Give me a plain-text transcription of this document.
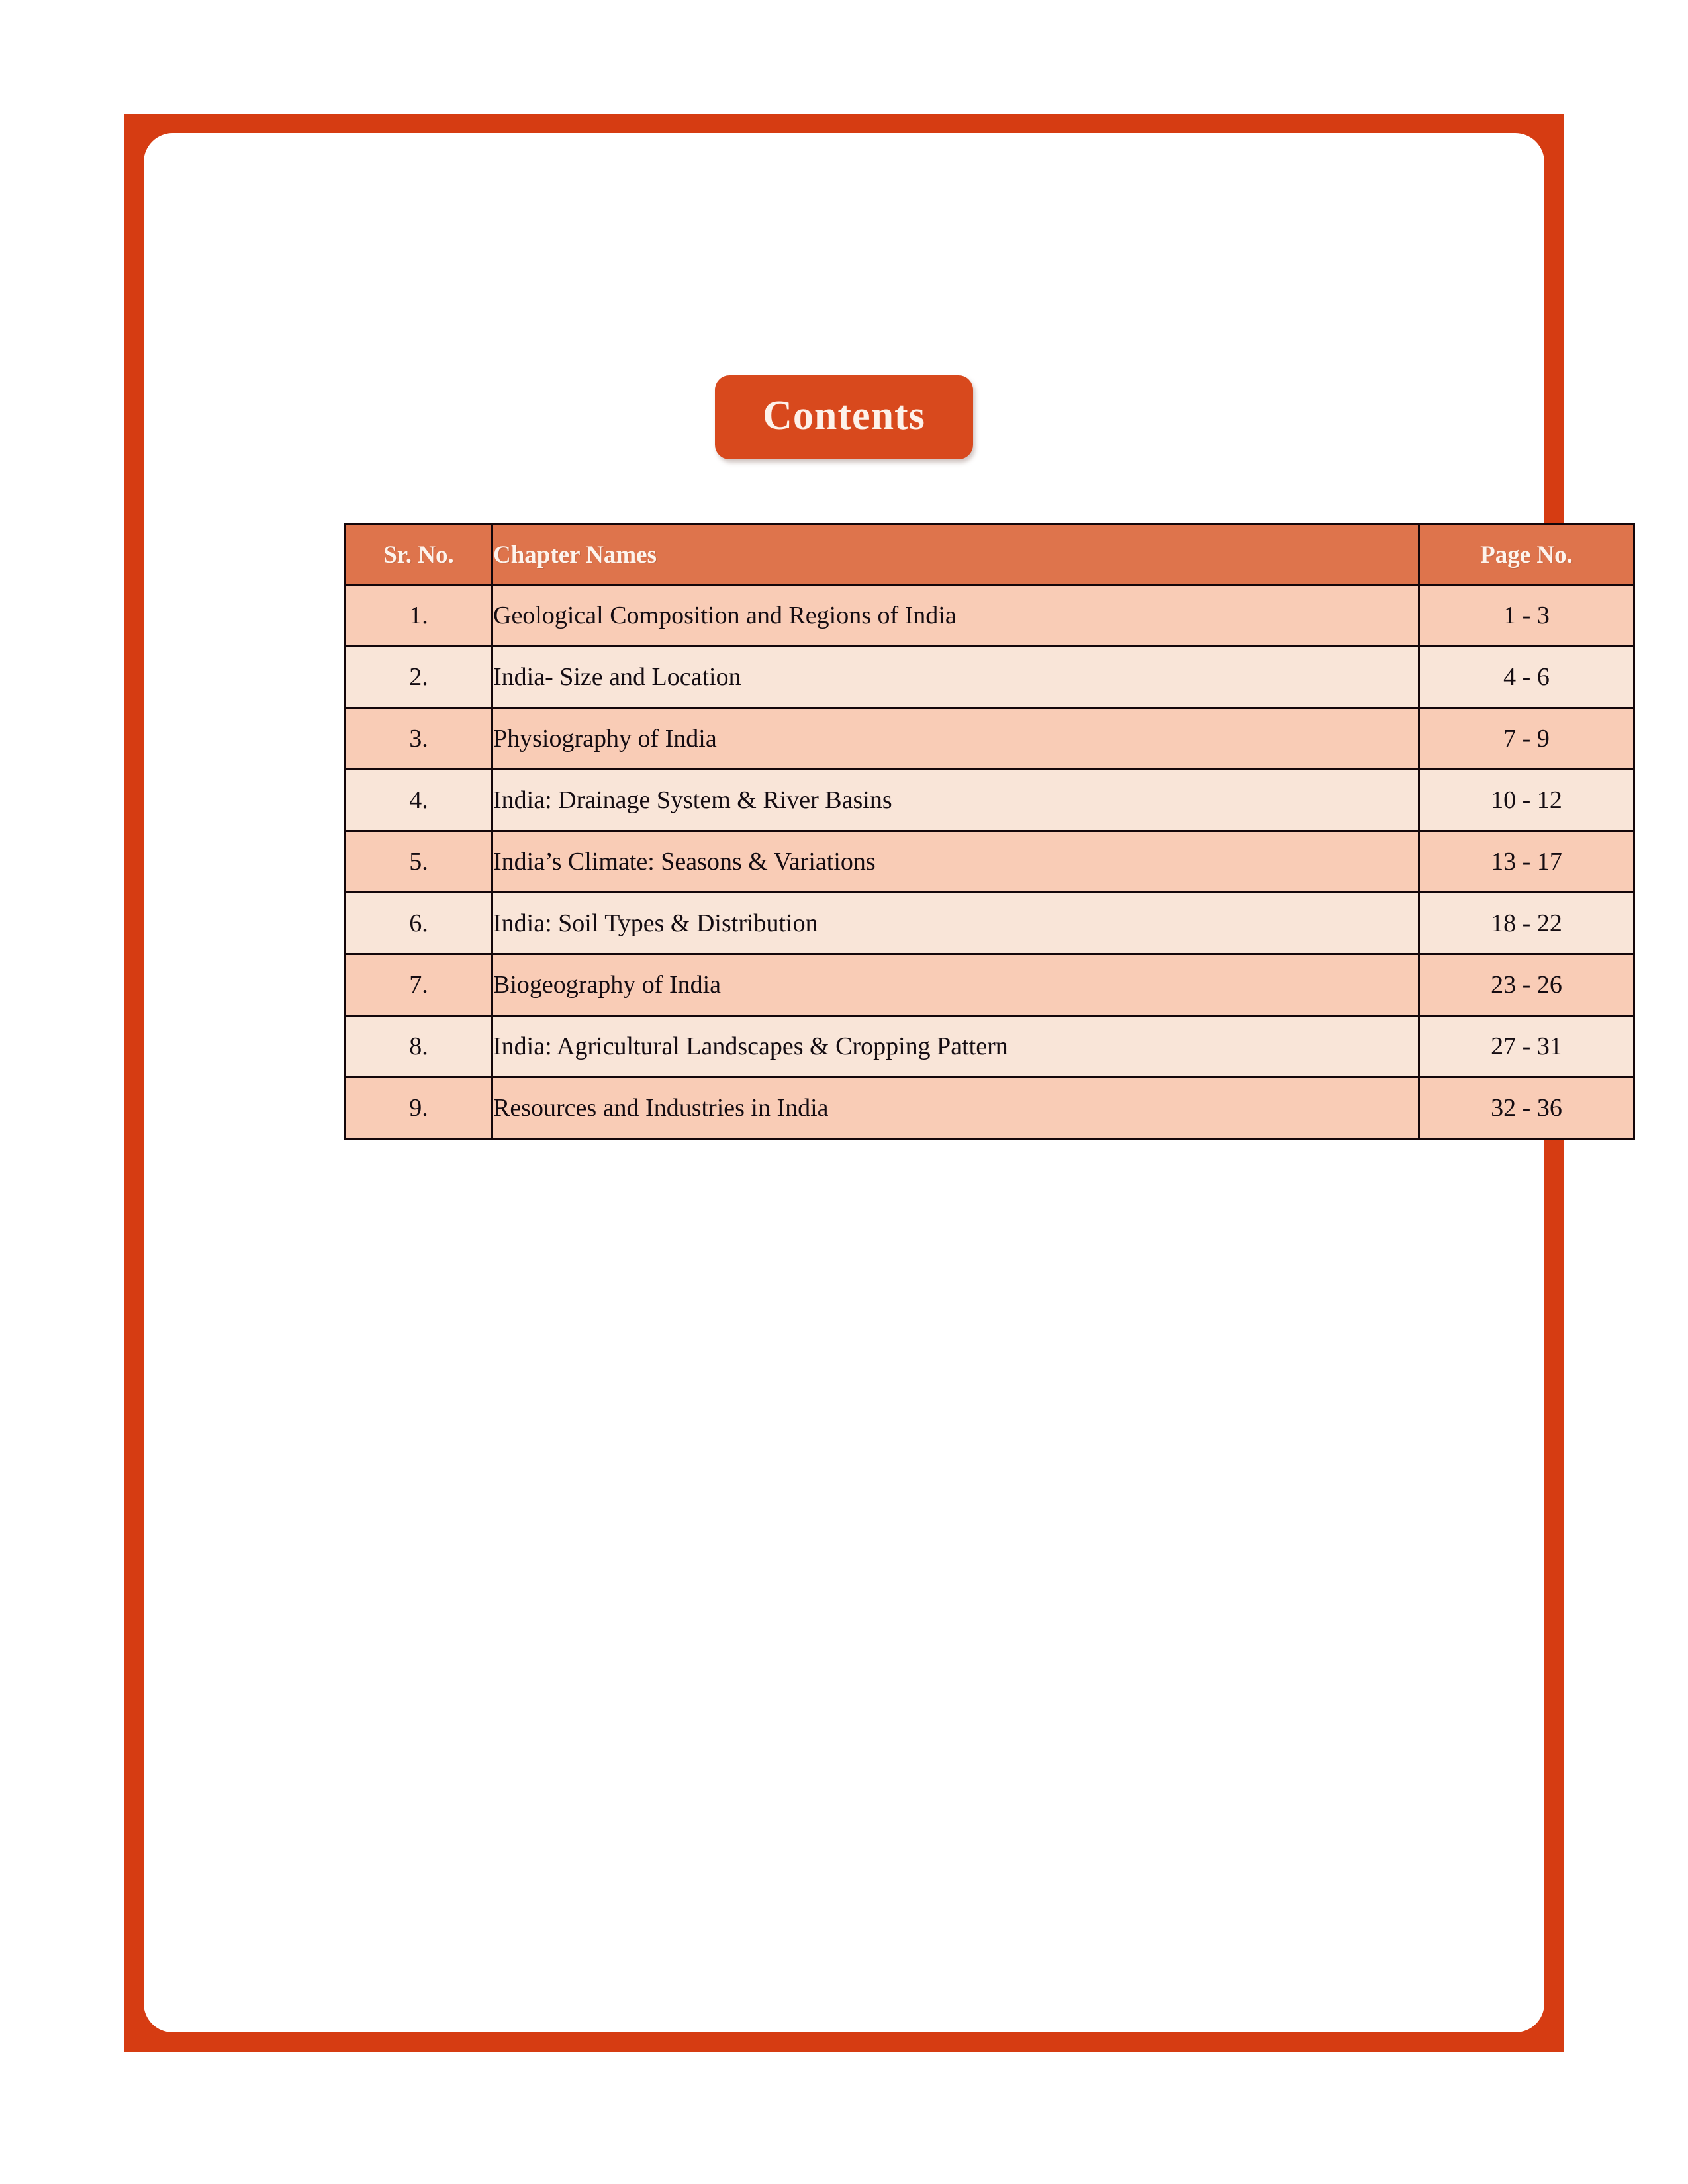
Contents
Sr. No.	Chapter Names	Page No.
1.	Geological Composition and Regions of India	1 - 3
2.	India- Size and Location	4 - 6
3.	Physiography of India	7 - 9
4.	India: Drainage System & River Basins	10 - 12
5.	India’s Climate: Seasons & Variations	13 - 17
6.	India: Soil Types & Distribution	18 - 22
7.	Biogeography of India	23 - 26
8.	India: Agricultural Landscapes & Cropping Pattern	27 - 31
9.	Resources and Industries in India	32 - 36
